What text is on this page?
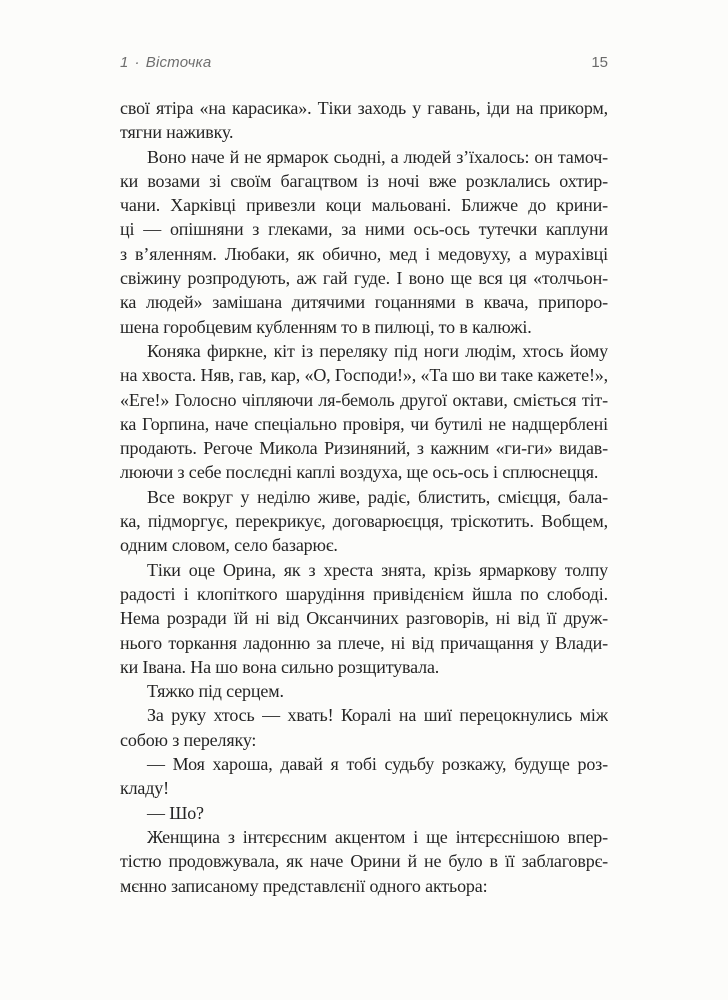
1 · Вісточка	15
свої ятіра «на карасика». Тіки заходь у гавань, іди на прикорм,
тягни наживку.
Воно наче й не ярмарок сьодні, а людей з’їхалось: он тамоч-
ки возами зі своїм багацтвом із ночі вже розклались охтир-
чани. Харківці привезли коци мальовані. Ближче до крини-
ці — опішняни з глеками, за ними ось-ось тутечки каплуни
з в’яленням. Любаки, як обично, мед і медовуху, а мурахівці
свіжину розпродують, аж гай гуде. І воно ще вся ця «толчьон-
ка людей» замішана дитячими гоцаннями в квача, припоро-
шена горобцевим кубленням то в пилюці, то в калюжі.
Коняка фиркне, кіт із переляку під ноги людім, хтось йому
на хвоста. Няв, гав, кар, «О, Господи!», «Та шо ви таке кажете!»,
«Еге!» Голосно чіпляючи ля-бемоль другої октави, сміється тіт-
ка Горпина, наче спеціально провіря, чи бутилі не надщерблені
продають. Регоче Микола Ризиняний, з кажним «ги-ги» видав-
люючи з себе послєдні каплі воздуха, ще ось-ось і сплюснецця.
Все вокруг у неділю живе, радіє, блистить, смієцця, бала-
ка, підморгує, перекрикує, договарюєцця, тріскотить. Вобщем,
одним словом, село базарює.
Тіки оце Орина, як з хреста знята, крізь ярмаркову толпу
радості і клопіткого шарудіння привідєнієм йшла по слободі.
Нема розради їй ні від Оксанчиних разговорів, ні від її друж-
нього торкання ладонню за плече, ні від причащання у Влади-
ки Івана. На шо вона сильно розщитувала.
Тяжко під серцем.
За руку хтось — хвать! Коралі на шиї перецокнулись між
собою з переляку:
— Моя хароша, давай я тобі судьбу розкажу, будуще роз-
кладу!
— Шо?
Женщина з інтєрєсним акцентом і ще інтєрєснішою впер-
тістю продовжувала, як наче Орини й не було в її заблаговрє-
мєнно записаному представлєнії одного актьора:
